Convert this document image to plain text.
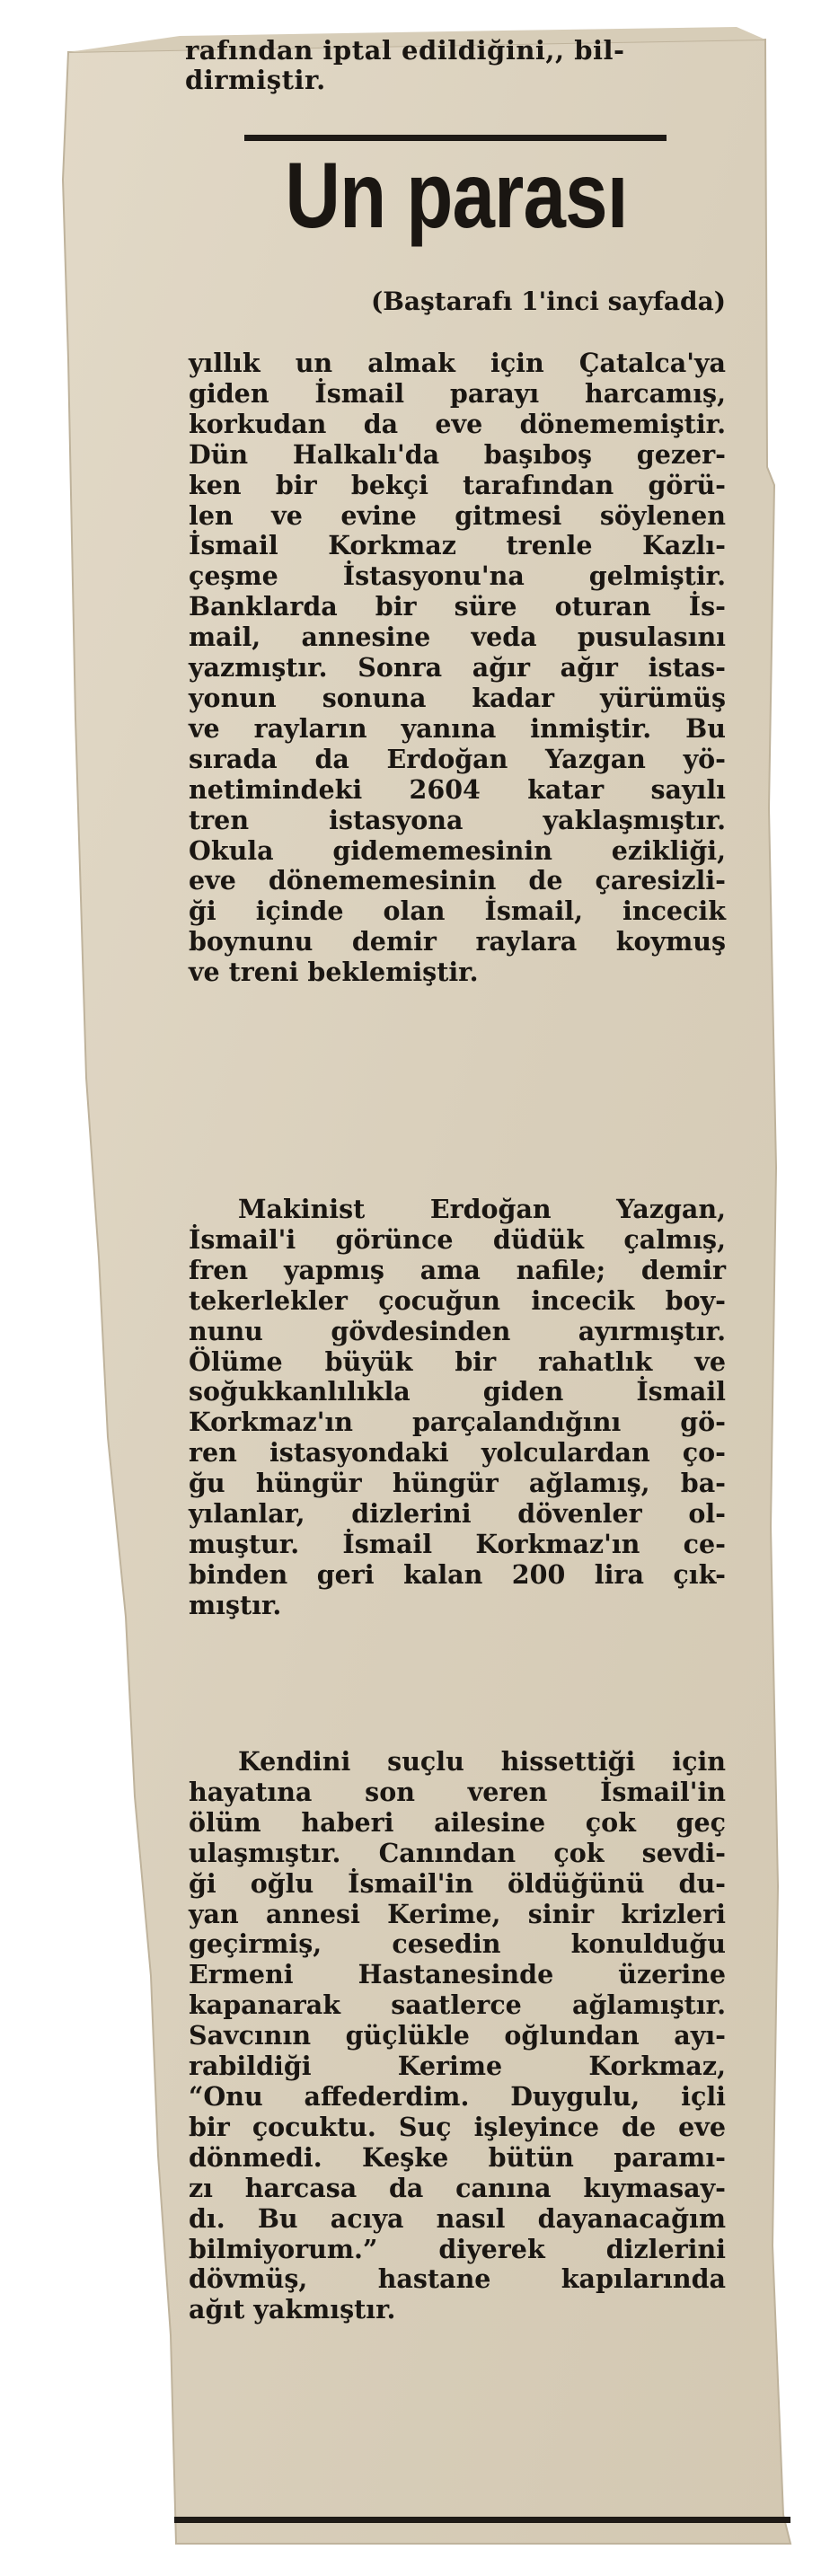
rafından iptal edildiğini,, bil-
dirmiştir.
Un parası
(Baştarafı 1'inci sayfada)
yıllık un almak için Çatalca'ya
giden İsmail parayı harcamış,
korkudan da eve dönememiştir.
Dün Halkalı'da başıboş gezer-
ken bir bekçi tarafından görü-
len ve evine gitmesi söylenen
İsmail Korkmaz trenle Kazlı-
çeşme İstasyonu'na gelmiştir.
Banklarda bir süre oturan İs-
mail, annesine veda pusulasını
yazmıştır. Sonra ağır ağır istas-
yonun sonuna kadar yürümüş
ve rayların yanına inmiştir. Bu
sırada da Erdoğan Yazgan yö-
netimindeki 2604 katar sayılı
tren istasyona yaklaşmıştır.
Okula gidememesinin ezikliği,
eve dönememesinin de çaresizli-
ği içinde olan İsmail, incecik
boynunu demir raylara koymuş
ve treni beklemiştir.
Makinist Erdoğan Yazgan,
İsmail'i görünce düdük çalmış,
fren yapmış ama nafile; demir
tekerlekler çocuğun incecik boy-
nunu gövdesinden ayırmıştır.
Ölüme büyük bir rahatlık ve
soğukkanlılıkla giden İsmail
Korkmaz'ın parçalandığını gö-
ren istasyondaki yolculardan ço-
ğu hüngür hüngür ağlamış, ba-
yılanlar, dizlerini dövenler ol-
muştur. İsmail Korkmaz'ın ce-
binden geri kalan 200 lira çık-
mıştır.
Kendini suçlu hissettiği için
hayatına son veren İsmail'in
ölüm haberi ailesine çok geç
ulaşmıştır. Canından çok sevdi-
ği oğlu İsmail'in öldüğünü du-
yan annesi Kerime, sinir krizleri
geçirmiş, cesedin konulduğu
Ermeni Hastanesinde üzerine
kapanarak saatlerce ağlamıştır.
Savcının güçlükle oğlundan ayı-
rabildiği Kerime Korkmaz,
“Onu affederdim. Duygulu, içli
bir çocuktu. Suç işleyince de eve
dönmedi. Keşke bütün paramı-
zı harcasa da canına kıymasay-
dı. Bu acıya nasıl dayanacağım
bilmiyorum.” diyerek dizlerini
dövmüş, hastane kapılarında
ağıt yakmıştır.
